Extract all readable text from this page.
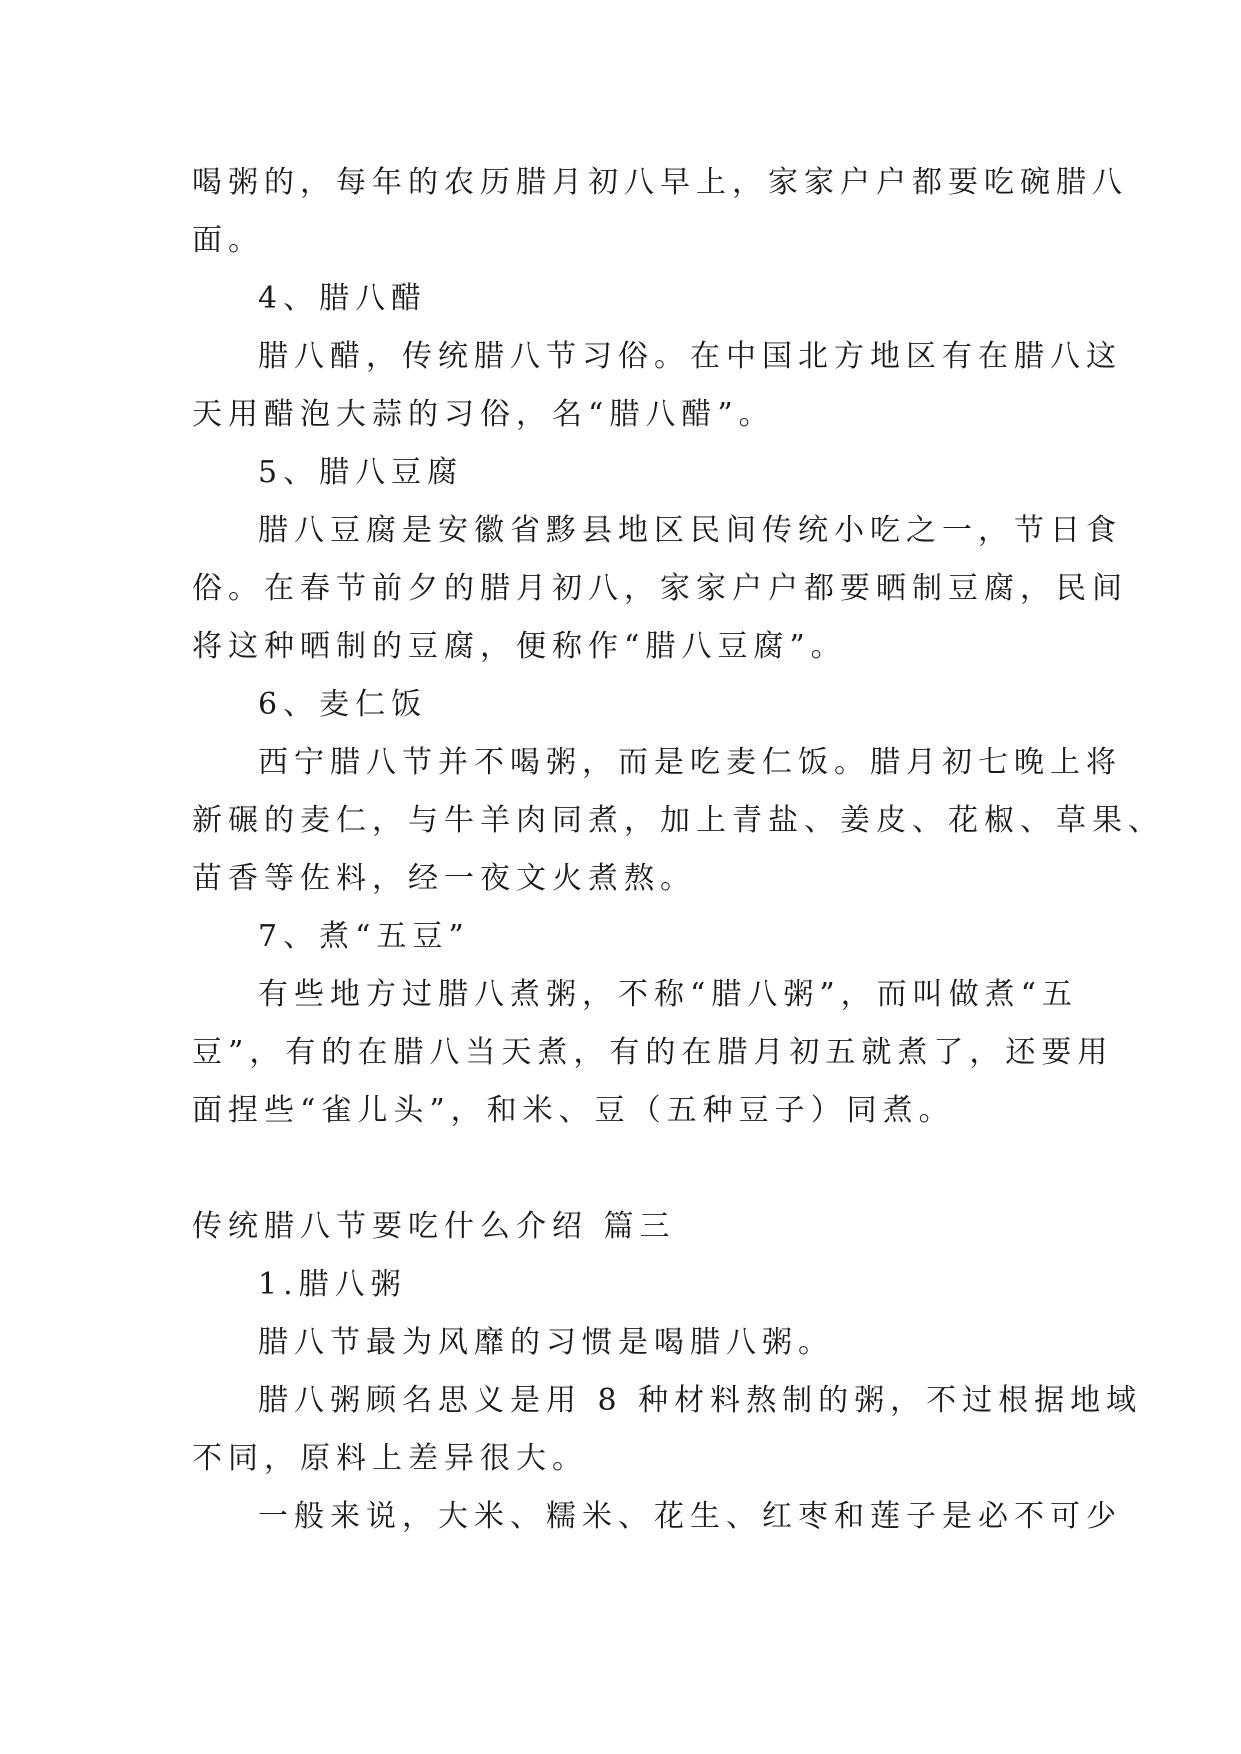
喝粥的，每年的农历腊月初八早上，家家户户都要吃碗腊八
面。
4、腊八醋
腊八醋，传统腊八节习俗。在中国北方地区有在腊八这
天用醋泡大蒜的习俗，名“腊八醋”。
5、腊八豆腐
腊八豆腐是安徽省黟县地区民间传统小吃之一，节日食
俗。在春节前夕的腊月初八，家家户户都要晒制豆腐，民间
将这种晒制的豆腐，便称作“腊八豆腐”。
6、麦仁饭
西宁腊八节并不喝粥，而是吃麦仁饭。腊月初七晚上将
新碾的麦仁，与牛羊肉同煮，加上青盐、姜皮、花椒、草果、
苗香等佐料，经一夜文火煮熬。
7、煮“五豆”
有些地方过腊八煮粥，不称“腊八粥”，而叫做煮“五
豆”，有的在腊八当天煮，有的在腊月初五就煮了，还要用
面捏些“雀儿头”，和米、豆（五种豆子）同煮。
传统腊八节要吃什么介绍 篇三
1.腊八粥
腊八节最为风靡的习惯是喝腊八粥。
腊八粥顾名思义是用 8 种材料熬制的粥，不过根据地域
不同，原料上差异很大。
一般来说，大米、糯米、花生、红枣和莲子是必不可少
